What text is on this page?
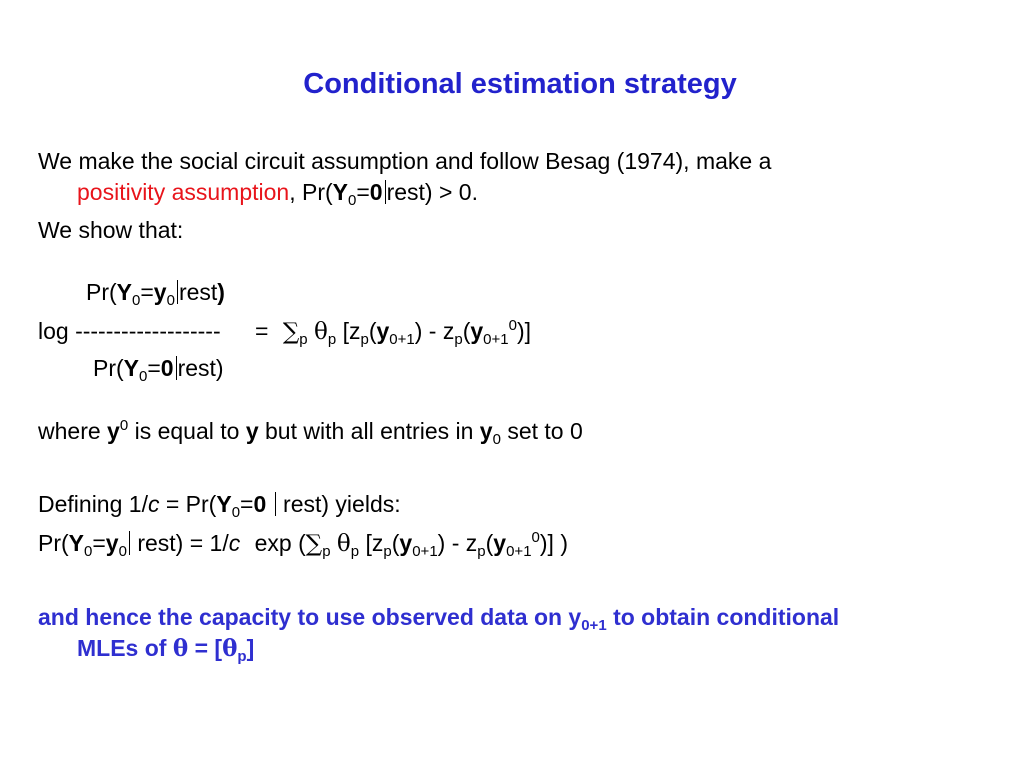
Conditional estimation strategy
We make the social circuit assumption and follow Besag (1974), make a
positivity assumption, $Pr(Y_0=0$ rest) > 0.
We show that:
$Pr(Y_0=y_0$ rest)
log ------------------- = $\sum_p$ $\theta_p$ $[z_p(y_{0+1}) - z_p(y_{0+1}^0)]$
$Pr(Y_0=0$ rest)
where $y^0$ is equal to y but with all entries in $y_0$ set to 0
Defining $1/c = Pr(Y_0=0$ rest) yields:
$Pr(Y_0=y_0$ rest) = 1/c $\exp (\sum_p$ $\theta_p$ $[z_p(y_{0+1}) - z_p(y_{0+1}^0)]$ )
and hence the capacity to use observed data on $y_{0+1}$ to obtain conditional
MLEs of $\theta = [\theta_p]$
